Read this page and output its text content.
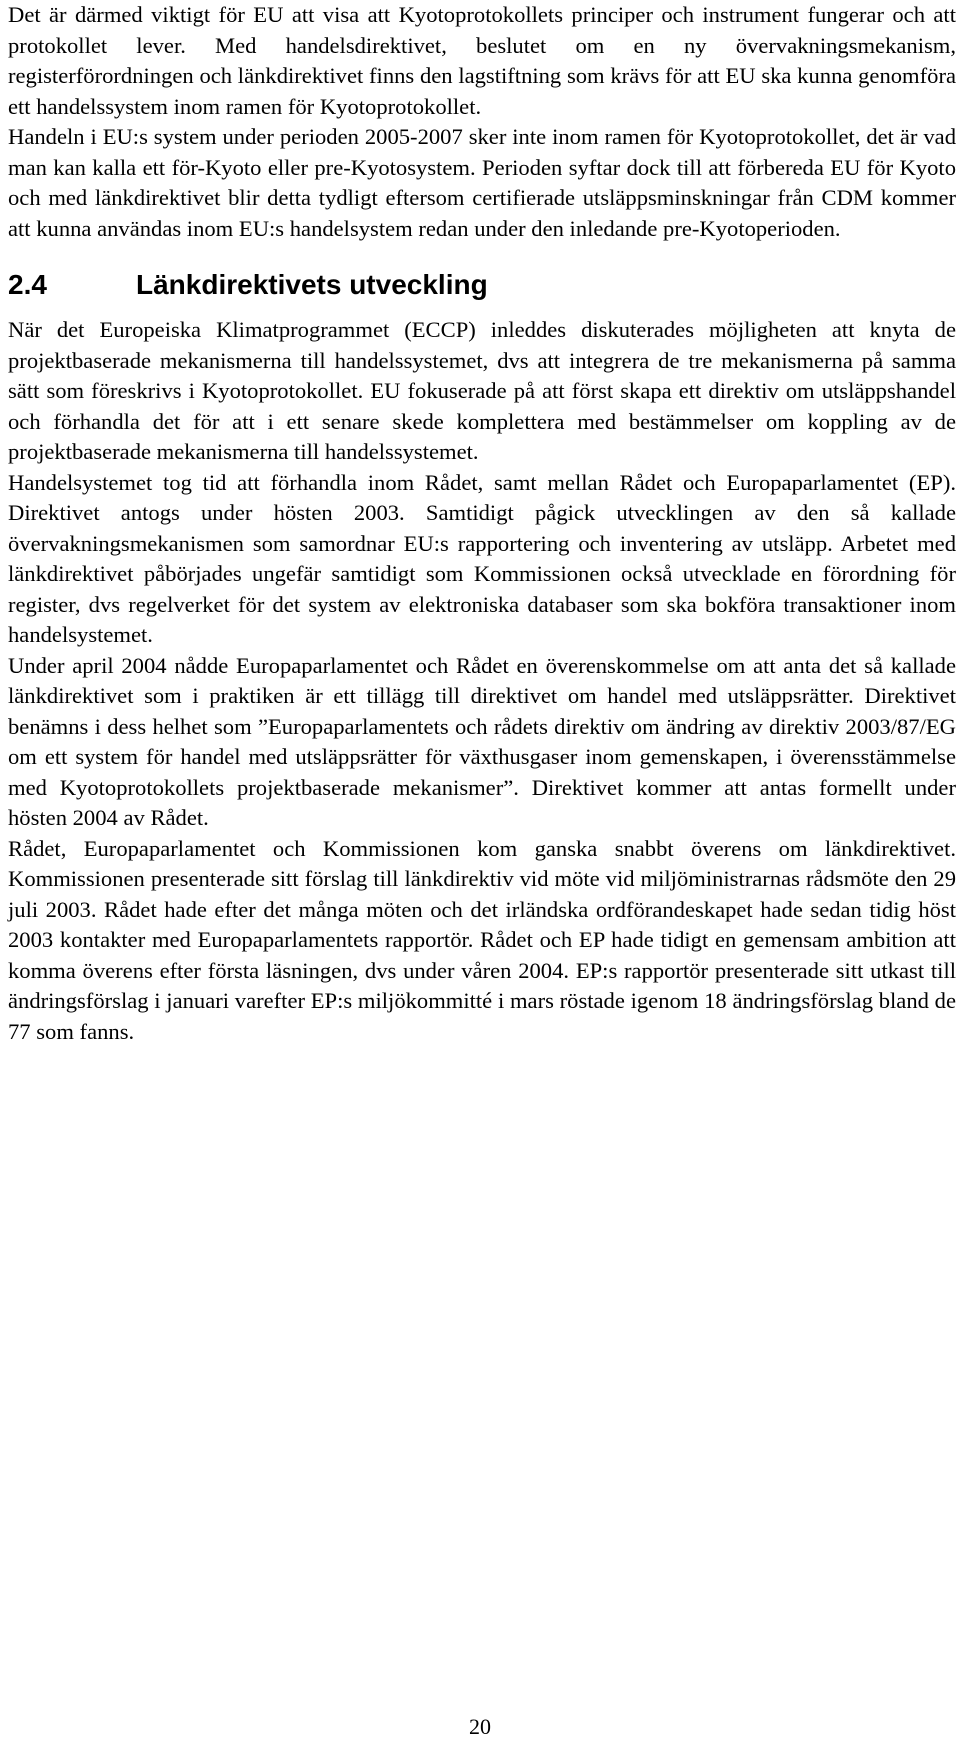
Det är därmed viktigt för EU att visa att Kyotoprotokollets principer och instrument fungerar och att protokollet lever. Med handelsdirektivet, beslutet om en ny övervakningsmekanism, registerförordningen och länkdirektivet finns den lagstiftning som krävs för att EU ska kunna genomföra ett handelssystem inom ramen för Kyotoprotokollet.

Handeln i EU:s system under perioden 2005-2007 sker inte inom ramen för Kyotoprotokollet, det är vad man kan kalla ett för-Kyoto eller pre-Kyotosystem. Perioden syftar dock till att förbereda EU för Kyoto och med länkdirektivet blir detta tydligt eftersom certifierade utsläppsminskningar från CDM kommer att kunna användas inom EU:s handelsystem redan under den inledande pre-Kyotoperioden.

2.4	Länkdirektivets utveckling

När det Europeiska Klimatprogrammet (ECCP) inleddes diskuterades möjligheten att knyta de projektbaserade mekanismerna till handelssystemet, dvs att integrera de tre mekanismerna på samma sätt som föreskrivs i Kyotoprotokollet. EU fokuserade på att först skapa ett direktiv om utsläppshandel och förhandla det för att i ett senare skede komplettera med bestämmelser om koppling av de projektbaserade mekanismerna till handelssystemet.

Handelsystemet tog tid att förhandla inom Rådet, samt mellan Rådet och Europaparlamentet (EP). Direktivet antogs under hösten 2003. Samtidigt pågick utvecklingen av den så kallade övervakningsmekanismen som samordnar EU:s rapportering och inventering av utsläpp. Arbetet med länkdirektivet påbörjades ungefär samtidigt som Kommissionen också utvecklade en förordning för register, dvs regelverket för det system av elektroniska databaser som ska bokföra transaktioner inom handelsystemet.

Under april 2004 nådde Europaparlamentet och Rådet en överenskommelse om att anta det så kallade länkdirektivet som i praktiken är ett tillägg till direktivet om handel med utsläppsrätter. Direktivet benämns i dess helhet som ”Europaparlamentets och rådets direktiv om ändring av direktiv 2003/87/EG om ett system för handel med utsläppsrätter för växthusgaser inom gemenskapen, i överensstämmelse med Kyotoprotokollets projektbaserade mekanismer”. Direktivet kommer att antas formellt under hösten 2004 av Rådet.

Rådet, Europaparlamentet och Kommissionen kom ganska snabbt överens om länkdirektivet. Kommissionen presenterade sitt förslag till länkdirektiv vid möte vid miljöministrarnas rådsmöte den 29 juli 2003. Rådet hade efter det många möten och det irländska ordförandeskapet hade sedan tidig höst 2003 kontakter med Europaparlamentets rapportör. Rådet och EP hade tidigt en gemensam ambition att komma överens efter första läsningen, dvs under våren 2004. EP:s rapportör presenterade sitt utkast till ändringsförslag i januari varefter EP:s miljökommitté i mars röstade igenom 18 ändringsförslag bland de 77 som fanns.

20
